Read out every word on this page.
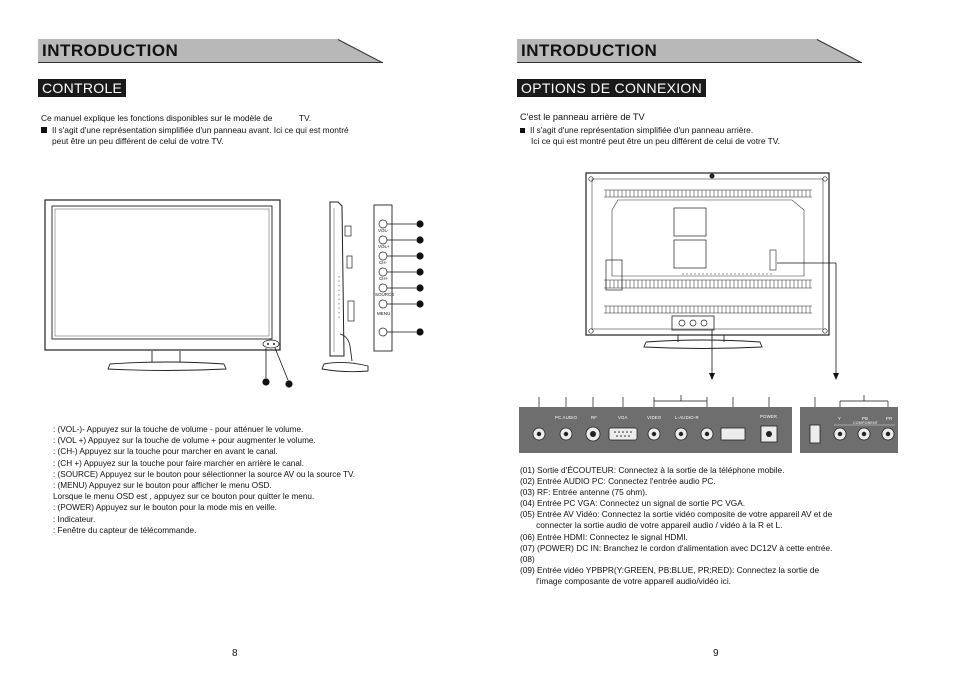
INTRODUCTION
CONTROLE
Ce manuel explique les fonctions disponibles sur le modèle de	TV.
Il s'agit d'une représentation simplifiée d'un panneau avant. Ici ce qui est montré
peut être un peu différent de celui de votre TV.
VOL-
VOL+
CH-
CH+
SOURCE
MENU
: (VOL-)- Appuyez sur la touche de volume - pour atténuer le volume.
: (VOL +) Appuyez sur la touche de volume + pour augmenter le volume.
: (CH-) Appuyez sur la touche pour marcher en avant le canal.
: (CH +) Appuyez sur la touche pour faire marcher en arrière le canal.
: (SOURCE) Appuyez sur le bouton pour sélectionner la source AV ou la source TV.
: (MENU) Appuyez sur le bouton pour afficher le menu OSD.
Lorsque le menu OSD est , appuyez sur ce bouton pour quitter le menu.
: (POWER) Appuyez sur le bouton pour la mode mis en veille.
: Indicateur.
: Fenêtre du capteur de télécommande.
8
INTRODUCTION
OPTIONS DE CONNEXION
C'est le panneau arrière de TV
Il s'agit d'une représentation simplifiée d'un panneau arrière.
Ici ce qui est montré peut être un peu différent de celui de votre TV.
PC AUDIO	RF	VGA	VIDEO	L-AUDIO-R	POWER	Y	PB	PR
COMPONENT
(01) Sortie d'ÉCOUTEUR: Connectez à la sortie de la téléphone mobile.
(02) Entrée AUDIO PC: Connectez l'entrée audio PC.
(03) RF: Entrée antenne (75 ohm).
(04) Entrée PC VGA: Connectez un signal de sortie PC VGA.
(05) Entrée AV Vidéo: Connectez la sortie vidéo composite de votre appareil AV et de
connecter la sortie audio de votre appareil audio / vidéo à la R et L.
(06) Entrée HDMI: Connectez le signal HDMI.
(07) (POWER) DC IN: Branchez le cordon d'alimentation avec DC12V à cette entrée.
(08)
(09) Entrée vidéo YPBPR(Y:GREEN, PB:BLUE, PR:RED): Connectez la sortie de
l'image composante de votre appareil audio/vidéo ici.
9
